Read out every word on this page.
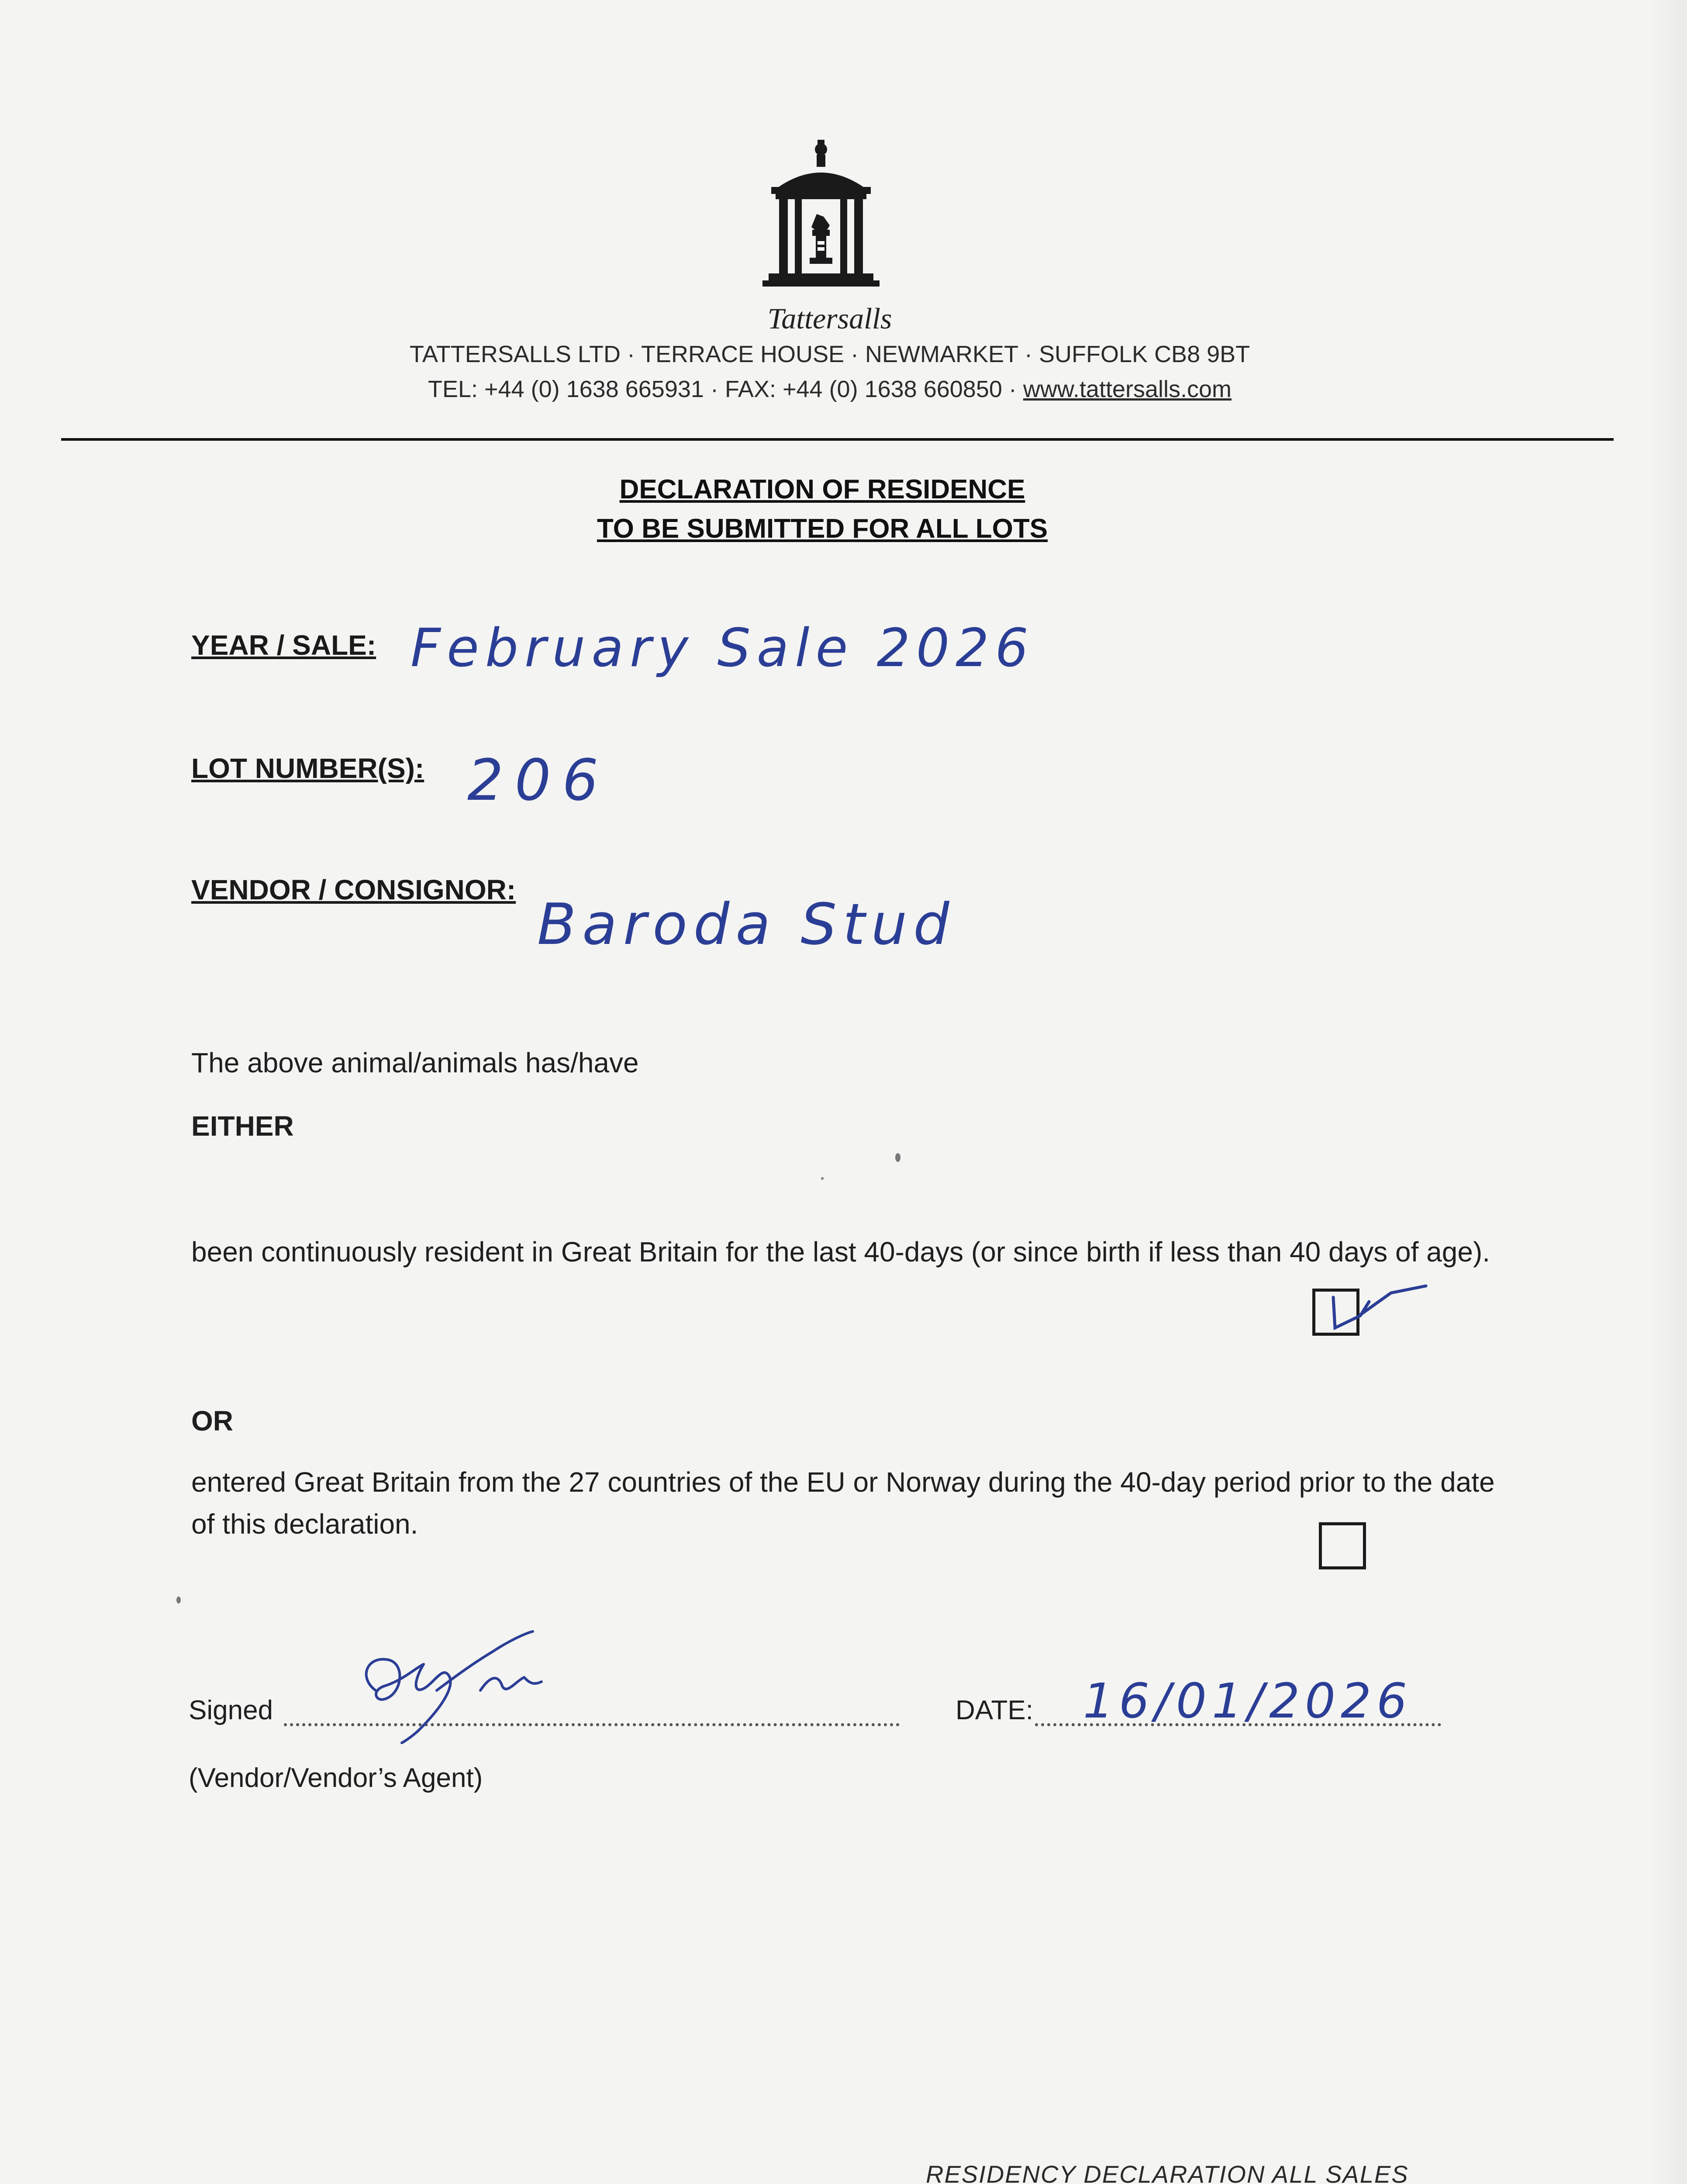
Tattersalls
TATTERSALLS LTD · TERRACE HOUSE · NEWMARKET · SUFFOLK CB8 9BT
TEL: +44 (0) 1638 665931 · FAX: +44 (0) 1638 660850 · www.tattersalls.com
DECLARATION OF RESIDENCE
TO BE SUBMITTED FOR ALL LOTS
YEAR / SALE: February Sale 2026
LOT NUMBER(S): 206
VENDOR / CONSIGNOR:
Baroda Stud
The above animal/animals has/have
EITHER
been continuously resident in Great Britain for the last 40-days (or since birth if less than 40 days of age).
OR
entered Great Britain from the 27 countries of the EU or Norway during the 40-day period prior to the date of this declaration.
Signed	DATE: 16/01/2026
(Vendor/Vendor’s Agent)
RESIDENCY DECLARATION ALL SALES
